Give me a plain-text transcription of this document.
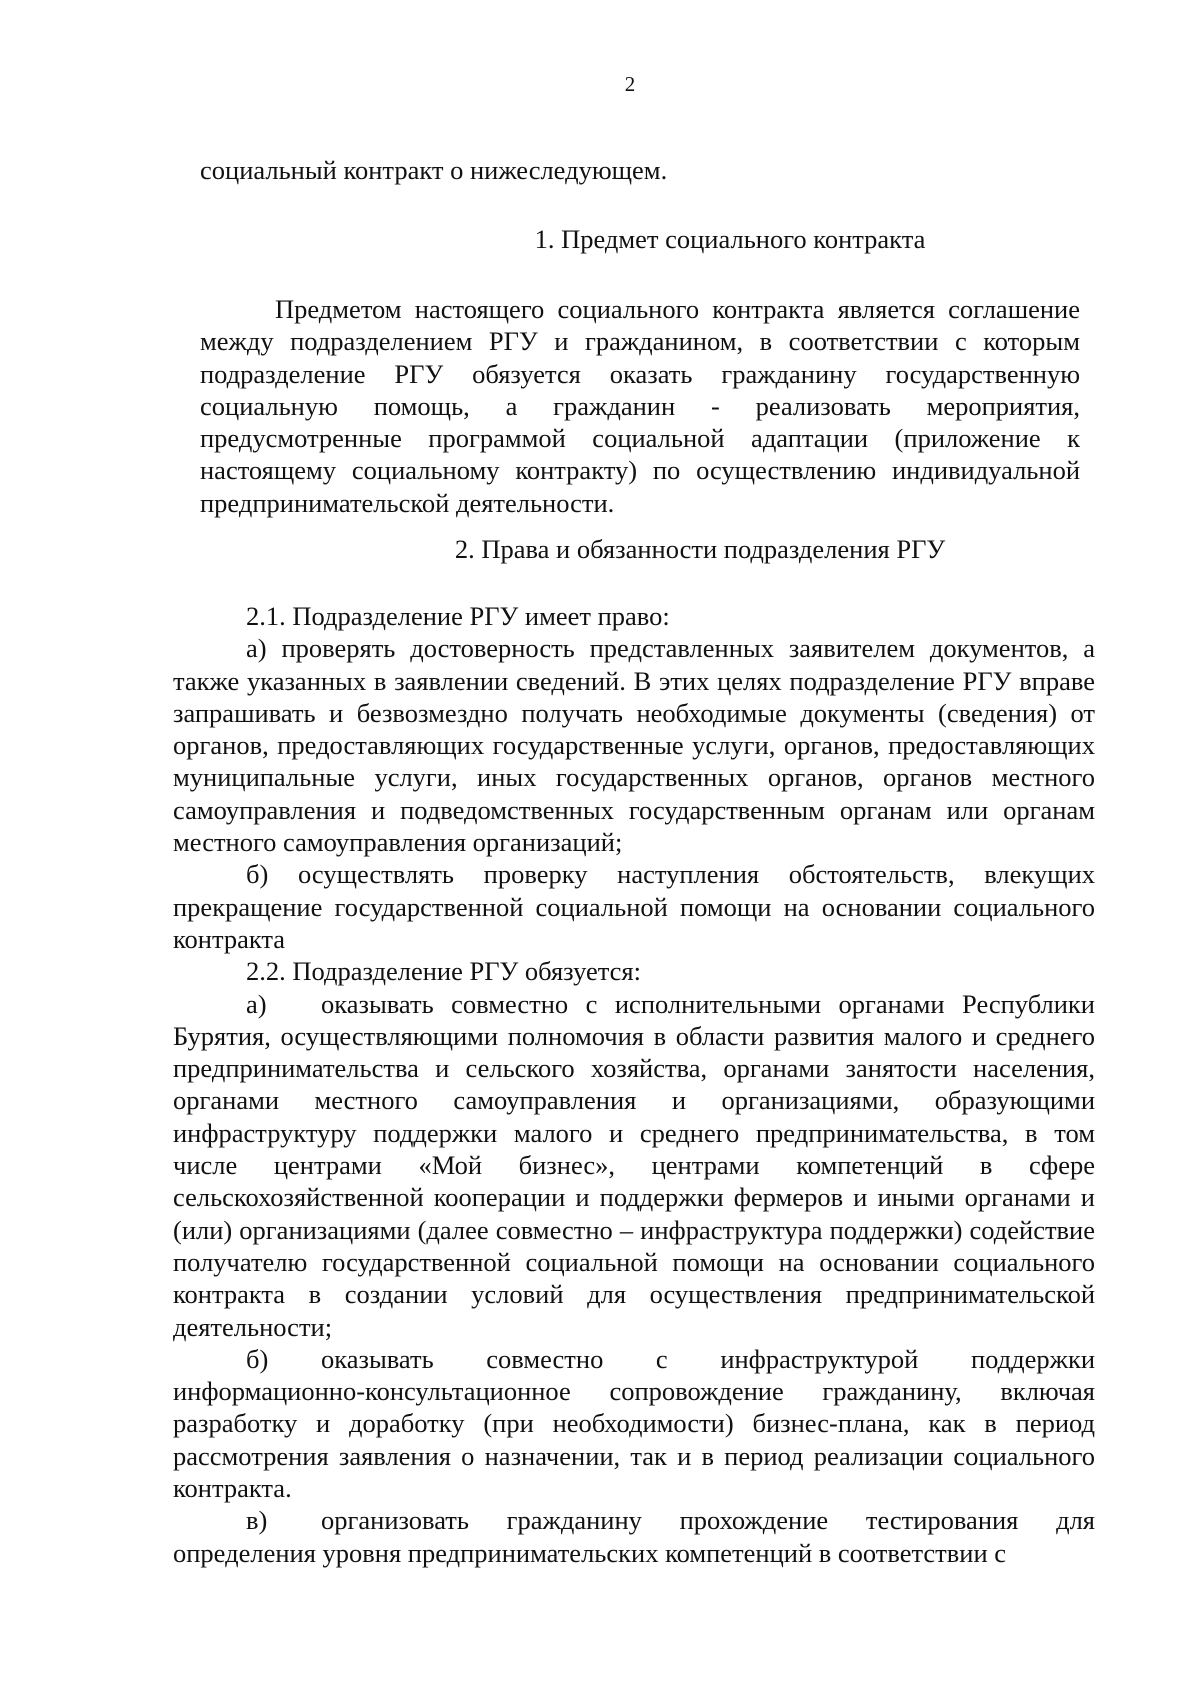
2

социальный контракт о нижеследующем.

1. Предмет социального контракта

Предметом настоящего социального контракта является соглашение между подразделением РГУ и гражданином, в соответствии с которым подразделение РГУ обязуется оказать гражданину государственную социальную помощь, а гражданин - реализовать мероприятия, предусмотренные программой социальной адаптации (приложение к настоящему социальному контракту) по осуществлению индивидуальной предпринимательской деятельности.

2. Права и обязанности подразделения РГУ

2.1. Подразделение РГУ имеет право:

а) проверять достоверность представленных заявителем документов, а также указанных в заявлении сведений. В этих целях подразделение РГУ вправе запрашивать и безвозмездно получать необходимые документы (сведения) от органов, предоставляющих государственные услуги, органов, предоставляющих муниципальные услуги, иных государственных органов, органов местного самоуправления и подведомственных государственным органам или органам местного самоуправления организаций;

б) осуществлять проверку наступления обстоятельств, влекущих прекращение государственной социальной помощи на основании социального контракта

2.2. Подразделение РГУ обязуется:

а) оказывать совместно с исполнительными органами Республики Бурятия, осуществляющими полномочия в области развития малого и среднего предпринимательства и сельского хозяйства, органами занятости населения, органами местного самоуправления и организациями, образующими инфраструктуру поддержки малого и среднего предпринимательства, в том числе центрами «Мой бизнес», центрами компетенций в сфере сельскохозяйственной кооперации и поддержки фермеров и иными органами и (или) организациями (далее совместно – инфраструктура поддержки) содействие получателю государственной социальной помощи на основании социального контракта в создании условий для осуществления предпринимательской деятельности;

б) оказывать совместно с инфраструктурой поддержки информационно-консультационное сопровождение гражданину, включая разработку и доработку (при необходимости) бизнес-плана, как в период рассмотрения заявления о назначении, так и в период реализации социального контракта.

в) организовать гражданину прохождение тестирования для определения уровня предпринимательских компетенций в соответствии с
